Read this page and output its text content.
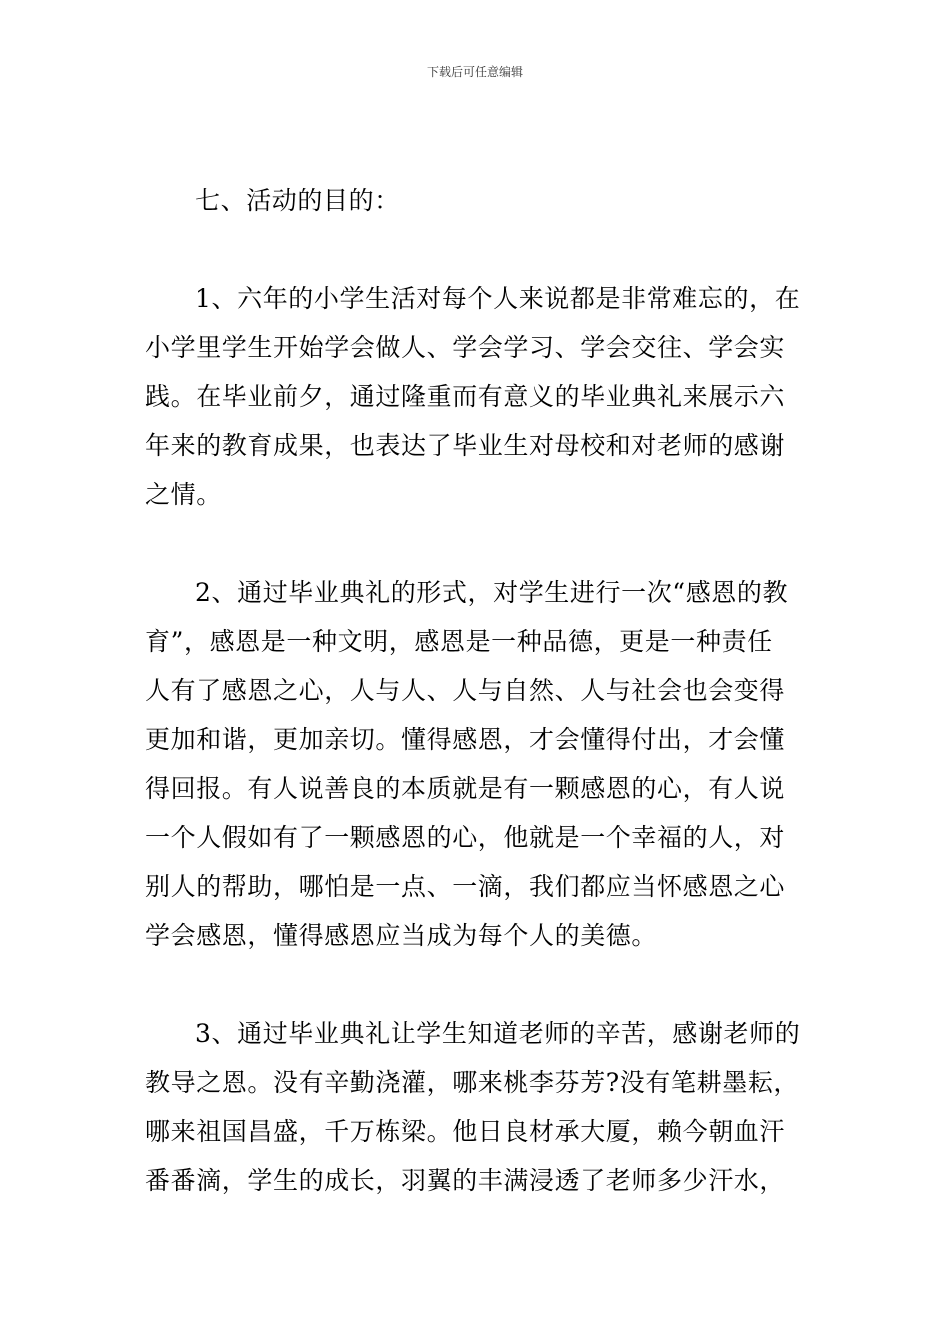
下载后可任意编辑
七、活动的目的：
1、六年的小学生活对每个人来说都是非常难忘的，在
小学里学生开始学会做人、学会学习、学会交往、学会实
践。在毕业前夕，通过隆重而有意义的毕业典礼来展示六
年来的教育成果，也表达了毕业生对母校和对老师的感谢
之情。
2、通过毕业典礼的形式，对学生进行一次“感恩的教
育”，感恩是一种文明，感恩是一种品德，更是一种责任
人有了感恩之心，人与人、人与自然、人与社会也会变得
更加和谐，更加亲切。懂得感恩，才会懂得付出，才会懂
得回报。有人说善良的本质就是有一颗感恩的心，有人说
一个人假如有了一颗感恩的心，他就是一个幸福的人，对
别人的帮助，哪怕是一点、一滴，我们都应当怀感恩之心
学会感恩，懂得感恩应当成为每个人的美德。
3、通过毕业典礼让学生知道老师的辛苦，感谢老师的
教导之恩。没有辛勤浇灌，哪来桃李芬芳?没有笔耕墨耘，
哪来祖国昌盛，千万栋梁。他日良材承大厦，赖今朝血汗
番番滴，学生的成长，羽翼的丰满浸透了老师多少汗水，
